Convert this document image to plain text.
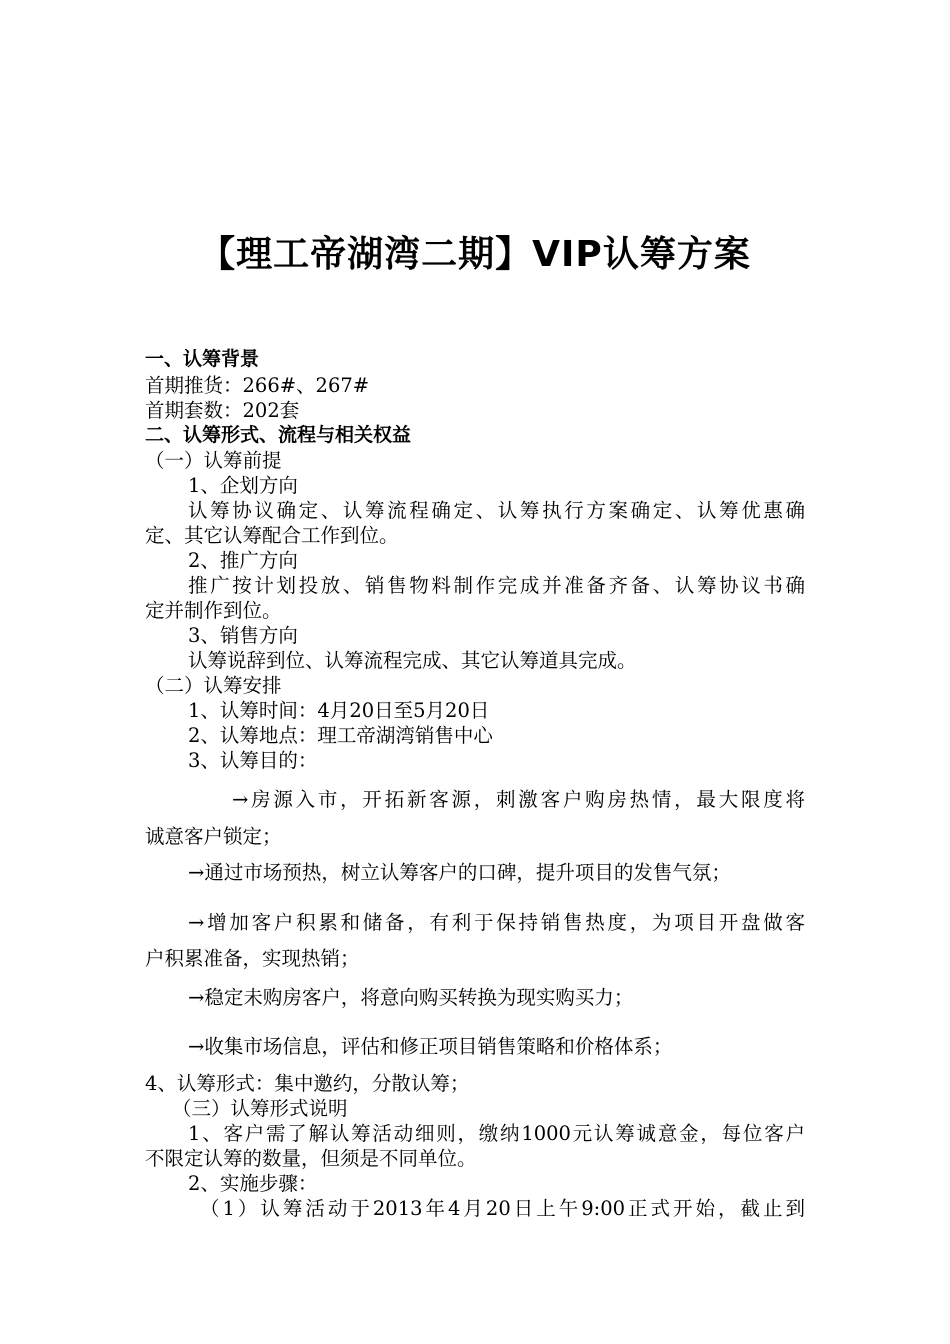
【理工帝湖湾二期】VIP认筹方案
一、认筹背景
首期推货：266#、267#
首期套数：202套
二、认筹形式、流程与相关权益
（一）认筹前提
1、企划方向
认筹协议确定、认筹流程确定、认筹执行方案确定、认筹优惠确
定、其它认筹配合工作到位。
2、推广方向
推广按计划投放、销售物料制作完成并准备齐备、认筹协议书确
定并制作到位。
3、销售方向
认筹说辞到位、认筹流程完成、其它认筹道具完成。
（二）认筹安排
1、认筹时间：4月20日至5月20日
2、认筹地点：理工帝湖湾销售中心
3、认筹目的：
→房源入市，开拓新客源，刺激客户购房热情，最大限度将
诚意客户锁定；
→通过市场预热，树立认筹客户的口碑，提升项目的发售气氛；
→增加客户积累和储备，有利于保持销售热度，为项目开盘做客
户积累准备，实现热销；
→稳定未购房客户，将意向购买转换为现实购买力；
→收集市场信息，评估和修正项目销售策略和价格体系；
4、认筹形式：集中邀约，分散认筹；
（三）认筹形式说明
1、客户需了解认筹活动细则，缴纳1000元认筹诚意金，每位客户
不限定认筹的数量，但须是不同单位。
2、实施步骤：
（1）认筹活动于2013年4月20日上午9:00正式开始，截止到
